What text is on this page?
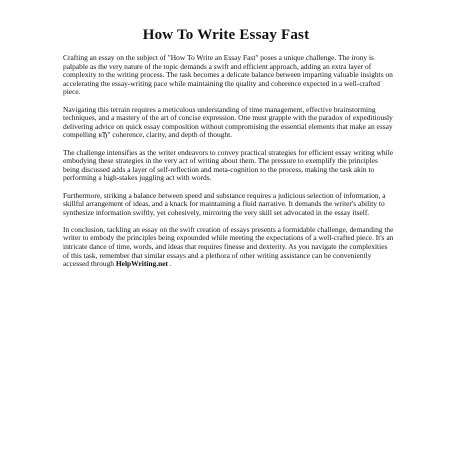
How To Write Essay Fast

Crafting an essay on the subject of "How To Write an Essay Fast" poses a unique challenge. The irony is palpable as the very nature of the topic demands a swift and efficient approach, adding an extra layer of complexity to the writing process. The task becomes a delicate balance between imparting valuable insights on accelerating the essay-writing pace while maintaining the quality and coherence expected in a well-crafted piece.

Navigating this terrain requires a meticulous understanding of time management, effective brainstorming techniques, and a mastery of the art of concise expression. One must grapple with the paradox of expeditiously delivering advice on quick essay composition without compromising the essential elements that make an essay compelling вЂ" coherence, clarity, and depth of thought.

The challenge intensifies as the writer endeavors to convey practical strategies for efficient essay writing while embodying these strategies in the very act of writing about them. The pressure to exemplify the principles being discussed adds a layer of self-reflection and meta-cognition to the process, making the task akin to performing a high-stakes juggling act with words.

Furthermore, striking a balance between speed and substance requires a judicious selection of information, a skillful arrangement of ideas, and a knack for maintaining a fluid narrative. It demands the writer's ability to synthesize information swiftly, yet cohesively, mirroring the very skill set advocated in the essay itself.

In conclusion, tackling an essay on the swift creation of essays presents a formidable challenge, demanding the writer to embody the principles being expounded while meeting the expectations of a well-crafted piece. It's an intricate dance of time, words, and ideas that requires finesse and dexterity. As you navigate the complexities of this task, remember that similar essays and a plethora of other writing assistance can be conveniently accessed through HelpWriting.net .
